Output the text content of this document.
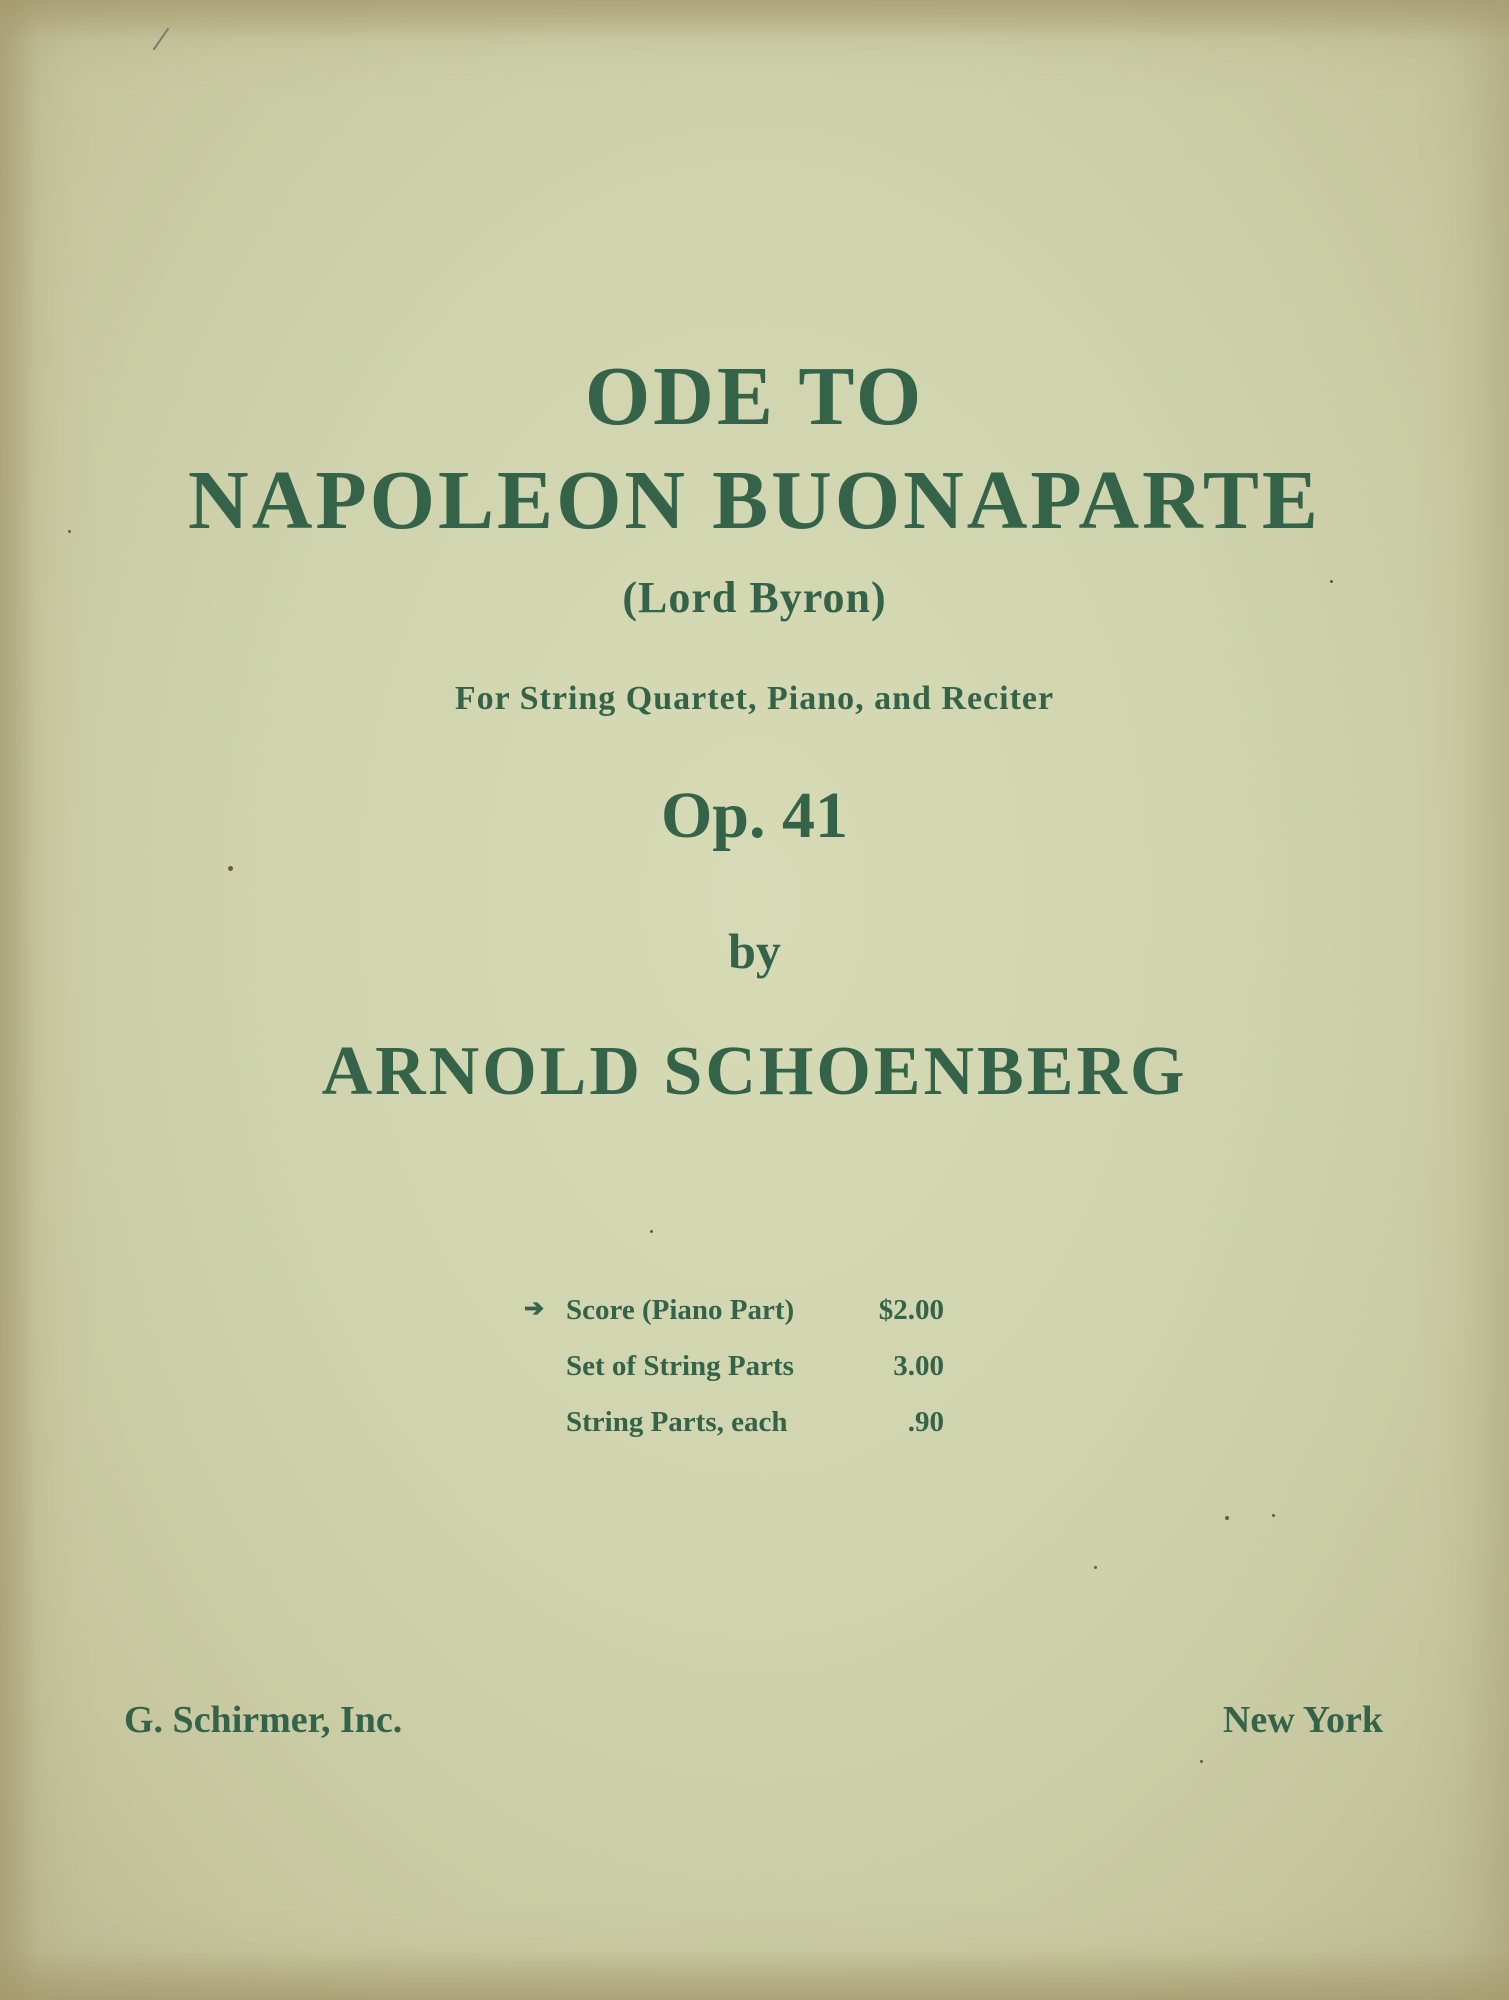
ODE TO
NAPOLEON BUONAPARTE
(Lord Byron)
For String Quartet, Piano, and Reciter
Op. 41
by
ARNOLD SCHOENBERG
➔ Score (Piano Part)	$2.00
Set of String Parts	3.00
String Parts, each	.90
G. Schirmer, Inc.	New York
